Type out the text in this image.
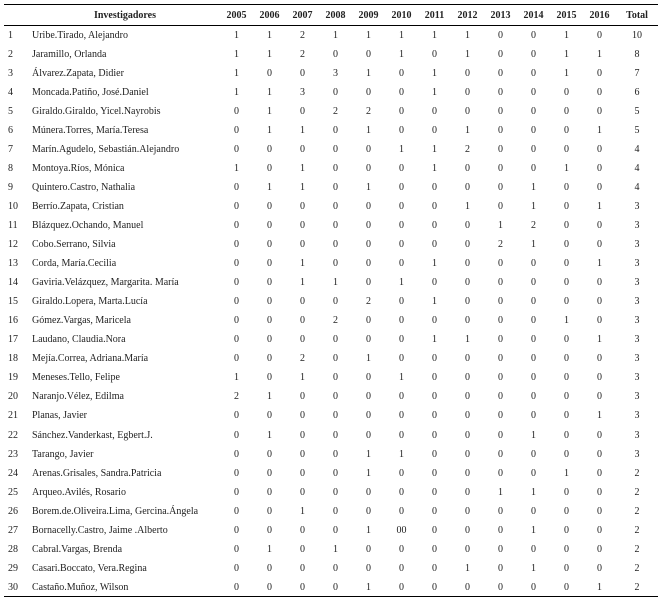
	Investigadores	2005	2006	2007	2008	2009	2010	2011	2012	2013	2014	2015	2016	Total
1	Uribe.Tirado, Alejandro	1	1	2	1	1	1	1	1	0	0	1	0	10
2	Jaramillo, Orlanda	1	1	2	0	0	1	0	1	0	0	1	1	8
3	Álvarez.Zapata, Didier	1	0	0	3	1	0	1	0	0	0	1	0	7
4	Moncada.Patiño, José.Daniel	1	1	3	0	0	0	1	0	0	0	0	0	6
5	Giraldo.Giraldo, Yicel.Nayrobis	0	1	0	2	2	0	0	0	0	0	0	0	5
6	Múnera.Torres, María.Teresa	0	1	1	0	1	0	0	1	0	0	0	1	5
7	Marín.Agudelo, Sebastián.Alejandro	0	0	0	0	0	1	1	2	0	0	0	0	4
8	Montoya.Ríos, Mónica	1	0	1	0	0	0	1	0	0	0	1	0	4
9	Quintero.Castro, Nathalia	0	1	1	0	1	0	0	0	0	1	0	0	4
10	Berrío.Zapata, Cristian	0	0	0	0	0	0	0	1	0	1	0	1	3
11	Blázquez.Ochando, Manuel	0	0	0	0	0	0	0	0	1	2	0	0	3
12	Cobo.Serrano, Silvia	0	0	0	0	0	0	0	0	2	1	0	0	3
13	Corda, María.Cecilia	0	0	1	0	0	0	1	0	0	0	0	1	3
14	Gaviria.Velázquez, Margarita. María	0	0	1	1	0	1	0	0	0	0	0	0	3
15	Giraldo.Lopera, Marta.Lucía	0	0	0	0	2	0	1	0	0	0	0	0	3
16	Gómez.Vargas, Maricela	0	0	0	2	0	0	0	0	0	0	1	0	3
17	Laudano, Claudia.Nora	0	0	0	0	0	0	1	1	0	0	0	1	3
18	Mejía.Correa, Adriana.María	0	0	2	0	1	0	0	0	0	0	0	0	3
19	Meneses.Tello, Felipe	1	0	1	0	0	1	0	0	0	0	0	0	3
20	Naranjo.Vélez, Edilma	2	1	0	0	0	0	0	0	0	0	0	0	3
21	Planas, Javier	0	0	0	0	0	0	0	0	0	0	0	1	3
22	Sánchez.Vanderkast, Egbert.J.	0	1	0	0	0	0	0	0	0	1	0	0	3
23	Tarango, Javier	0	0	0	0	1	1	0	0	0	0	0	0	3
24	Arenas.Grisales, Sandra.Patricia	0	0	0	0	1	0	0	0	0	0	1	0	2
25	Arqueo.Avilés, Rosario	0	0	0	0	0	0	0	0	1	1	0	0	2
26	Borem.de.Oliveira.Lima, Gercina.Ángela	0	0	1	0	0	0	0	0	0	0	0	0	2
27	Bornacelly.Castro, Jaime .Alberto	0	0	0	0	1	00	0	0	0	1	0	0	2
28	Cabral.Vargas, Brenda	0	1	0	1	0	0	0	0	0	0	0	0	2
29	Casari.Boccato, Vera.Regina	0	0	0	0	0	0	0	1	0	1	0	0	2
30	Castaño.Muñoz, Wilson	0	0	0	0	1	0	0	0	0	0	0	1	2
